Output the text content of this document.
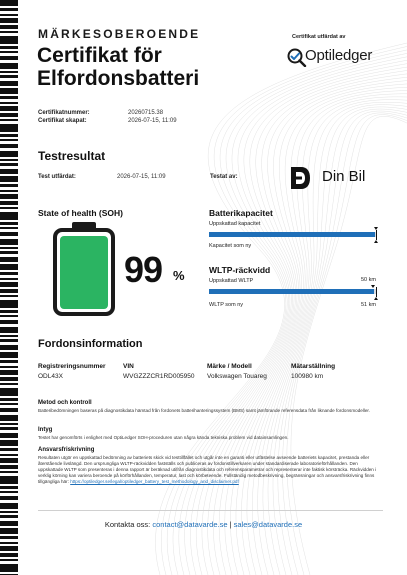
MÄRKESOBEROENDE
Certifikat för
Elfordonsbatteri
Certifikat utfärdat av
Optiledger
Certifikatnummer:	20260715.38
Certifikat skapat:	2026-07-15, 11:09
Testresultat
Test utfärdat:	2026-07-15, 11:09	Testat av:	Din Bil
State of health (SOH)
99 %
Batterikapacitet
Uppskattad kapacitet
Kapacitet som ny
WLTP-räckvidd
Uppskattad WLTP	50 km
WLTP som ny	51 km
Fordonsinformation
Registreringsnummer
ODL43X
VIN
WVGZZZCR1RD005950
Märke / Modell
Volkswagen Touareg
Mätarställning
100980 km
Metod och kontroll
Batteribedömningen baseras på diagnostikdata hämtad från fordonets batterihanteringssystem (BMS) samt jämförande referensdata från liknande fordonsmodeller.
Intyg
Testet har genomförts i enlighet med OptiLedger SOH-proceduren utan några kända tekniska problem vid datainsamlingen.
Ansvarsfriskrivning
Resultaten utgör en uppskattad bedömning av batteriets skick vid testtillfället och utgår inte en garanti eller utfästelse avseende batteriets kapacitet, prestanda eller återstående livslängd. Den ursprungliga WLTP-räckvidden fastställs och publiceras av fordonstillverkaren under standardiserade laboratorieförhållanden. Den uppskattade WLTP som presenteras i denna rapport är beräknad utifrån diagnostikdata och referensparametrar och representerar inte faktisk körsträcka. Räckvidden i verklig körning kan variera beroende på körförhållanden, temperatur, last och körbeteende. Fullständig metodbeskrivning, begränsningar och ansvarsfriskrivning finns tillgängliga här: https://optiledger.se/legal/optiledger_battery_test_methodology_and_disclaimer.pdf
Kontakta oss: contact@datavarde.se | sales@datavarde.se
